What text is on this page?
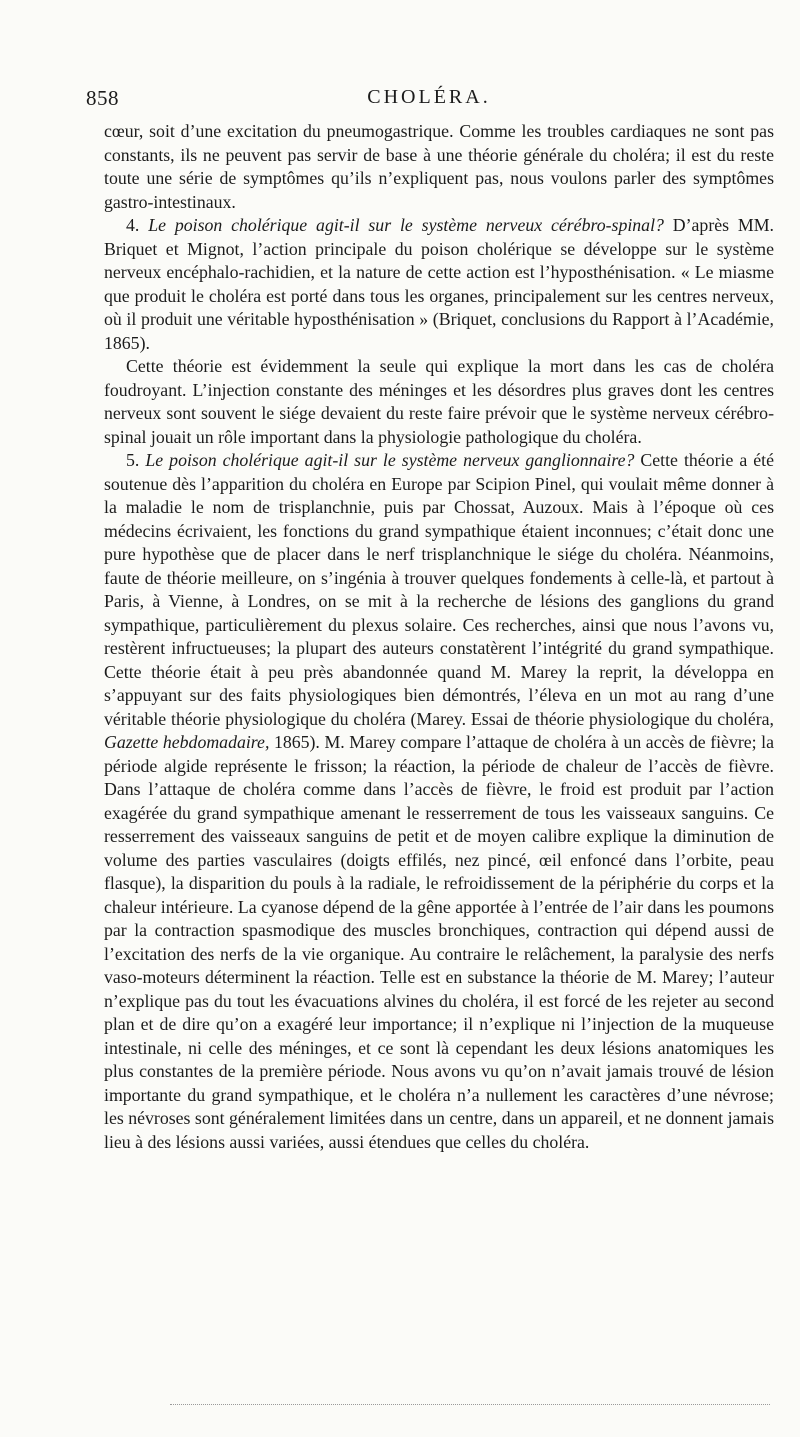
858	CHOLÉRA.

cœur, soit d’une excitation du pneumogastrique. Comme les troubles cardiaques ne sont pas constants, ils ne peuvent pas servir de base à une théorie générale du choléra; il est du reste toute une série de symptômes qu’ils n’expliquent pas, nous voulons parler des symptômes gastro-intestinaux.

4. Le poison cholérique agit-il sur le système nerveux cérébro-spinal? D’après MM. Briquet et Mignot, l’action principale du poison cholérique se développe sur le système nerveux encéphalo-rachidien, et la nature de cette action est l’hyposthénisation. « Le miasme que produit le choléra est porté dans tous les organes, principalement sur les centres nerveux, où il produit une véritable hyposthénisation » (Briquet, conclusions du Rapport à l’Académie, 1865).

Cette théorie est évidemment la seule qui explique la mort dans les cas de choléra foudroyant. L’injection constante des méninges et les désordres plus graves dont les centres nerveux sont souvent le siége devaient du reste faire prévoir que le système nerveux cérébro-spinal jouait un rôle important dans la physiologie pathologique du choléra.

5. Le poison cholérique agit-il sur le système nerveux ganglionnaire? Cette théorie a été soutenue dès l’apparition du choléra en Europe par Scipion Pinel, qui voulait même donner à la maladie le nom de trisplanchnie, puis par Chossat, Auzoux. Mais à l’époque où ces médecins écrivaient, les fonctions du grand sympathique étaient inconnues; c’était donc une pure hypothèse que de placer dans le nerf trisplanchnique le siége du choléra. Néanmoins, faute de théorie meilleure, on s’ingénia à trouver quelques fondements à celle-là, et partout à Paris, à Vienne, à Londres, on se mit à la recherche de lésions des ganglions du grand sympathique, particulièrement du plexus solaire. Ces recherches, ainsi que nous l’avons vu, restèrent infructueuses; la plupart des auteurs constatèrent l’intégrité du grand sympathique. Cette théorie était à peu près abandonnée quand M. Marey la reprit, la développa en s’appuyant sur des faits physiologiques bien démontrés, l’éleva en un mot au rang d’une véritable théorie physiologique du choléra (Marey. Essai de théorie physiologique du choléra, Gazette hebdomadaire, 1865). M. Marey compare l’attaque de choléra à un accès de fièvre; la période algide représente le frisson; la réaction, la période de chaleur de l’accès de fièvre. Dans l’attaque de choléra comme dans l’accès de fièvre, le froid est produit par l’action exagérée du grand sympathique amenant le resserrement de tous les vaisseaux sanguins. Ce resserrement des vaisseaux sanguins de petit et de moyen calibre explique la diminution de volume des parties vasculaires (doigts effilés, nez pincé, œil enfoncé dans l’orbite, peau flasque), la disparition du pouls à la radiale, le refroidissement de la périphérie du corps et la chaleur intérieure. La cyanose dépend de la gêne apportée à l’entrée de l’air dans les poumons par la contraction spasmodique des muscles bronchiques, contraction qui dépend aussi de l’excitation des nerfs de la vie organique. Au contraire le relâchement, la paralysie des nerfs vaso-moteurs déterminent la réaction. Telle est en substance la théorie de M. Marey; l’auteur n’explique pas du tout les évacuations alvines du choléra, il est forcé de les rejeter au second plan et de dire qu’on a exagéré leur importance; il n’explique ni l’injection de la muqueuse intestinale, ni celle des méninges, et ce sont là cependant les deux lésions anatomiques les plus constantes de la première période. Nous avons vu qu’on n’avait jamais trouvé de lésion importante du grand sympathique, et le choléra n’a nullement les caractères d’une névrose; les névroses sont généralement limitées dans un centre, dans un appareil, et ne donnent jamais lieu à des lésions aussi variées, aussi étendues que celles du choléra.
